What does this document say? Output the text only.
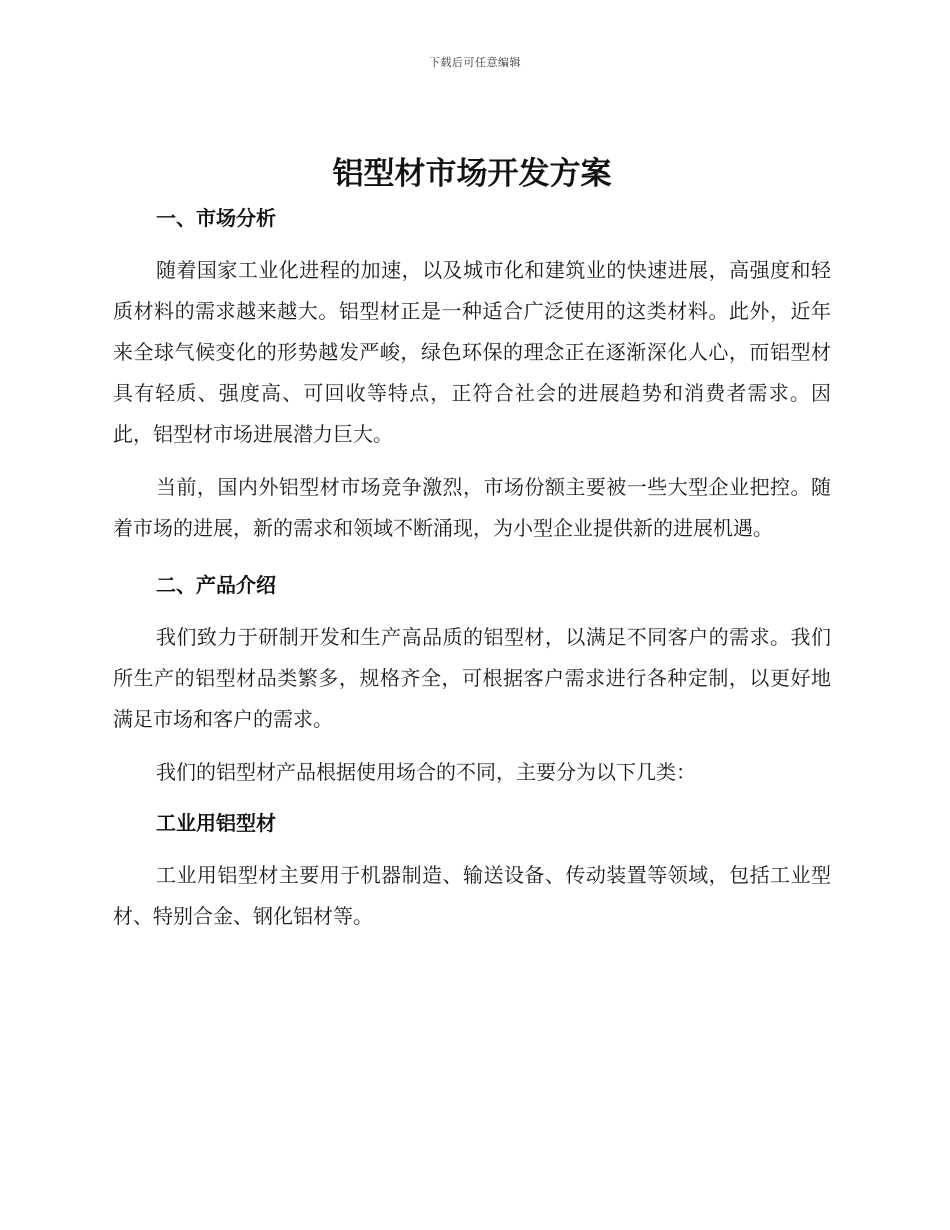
下载后可任意编辑
铝型材市场开发方案
一、市场分析

随着国家工业化进程的加速，以及城市化和建筑业的快速进展，高强度和轻质材料的需求越来越大。铝型材正是一种适合广泛使用的这类材料。此外，近年来全球气候变化的形势越发严峻，绿色环保的理念正在逐渐深化人心，而铝型材具有轻质、强度高、可回收等特点，正符合社会的进展趋势和消费者需求。因此，铝型材市场进展潜力巨大。

当前，国内外铝型材市场竞争激烈，市场份额主要被一些大型企业把控。随着市场的进展，新的需求和领域不断涌现，为小型企业提供新的进展机遇。

二、产品介绍

我们致力于研制开发和生产高品质的铝型材，以满足不同客户的需求。我们所生产的铝型材品类繁多，规格齐全，可根据客户需求进行各种定制，以更好地满足市场和客户的需求。

我们的铝型材产品根据使用场合的不同，主要分为以下几类：

工业用铝型材

工业用铝型材主要用于机器制造、输送设备、传动装置等领域，包括工业型材、特别合金、钢化铝材等。
